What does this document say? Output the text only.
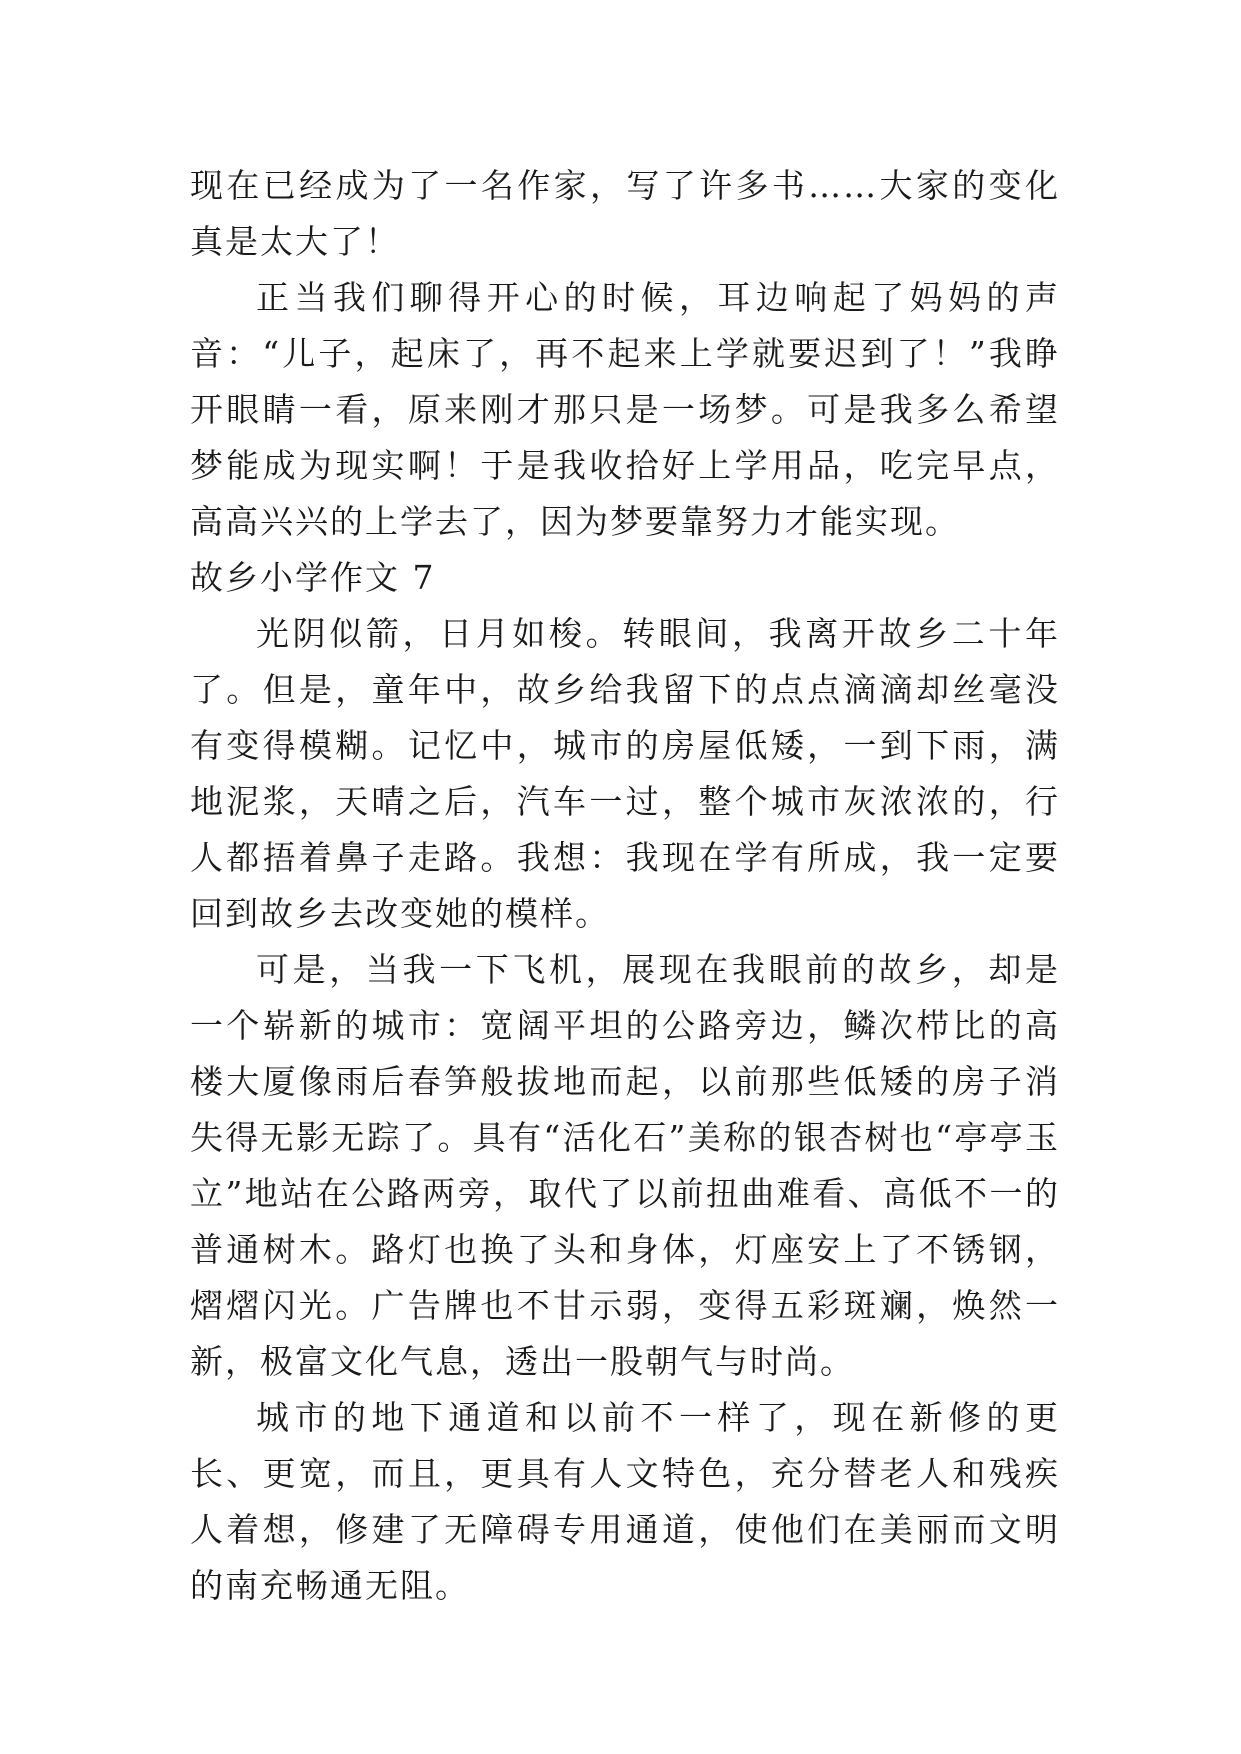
现在已经成为了一名作家，写了许多书……大家的变化真是太大了！

正当我们聊得开心的时候，耳边响起了妈妈的声音：“儿子，起床了，再不起来上学就要迟到了！”我睁开眼睛一看，原来刚才那只是一场梦。可是我多么希望梦能成为现实啊！于是我收拾好上学用品，吃完早点，高高兴兴的上学去了，因为梦要靠努力才能实现。

故乡小学作文 7

光阴似箭，日月如梭。转眼间，我离开故乡二十年了。但是，童年中，故乡给我留下的点点滴滴却丝毫没有变得模糊。记忆中，城市的房屋低矮，一到下雨，满地泥浆，天晴之后，汽车一过，整个城市灰浓浓的，行人都捂着鼻子走路。我想：我现在学有所成，我一定要回到故乡去改变她的模样。

可是，当我一下飞机，展现在我眼前的故乡，却是一个崭新的城市：宽阔平坦的公路旁边，鳞次栉比的高楼大厦像雨后春笋般拔地而起，以前那些低矮的房子消失得无影无踪了。具有“活化石”美称的银杏树也“亭亭玉立”地站在公路两旁，取代了以前扭曲难看、高低不一的普通树木。路灯也换了头和身体，灯座安上了不锈钢，熠熠闪光。广告牌也不甘示弱，变得五彩斑斓，焕然一新，极富文化气息，透出一股朝气与时尚。

城市的地下通道和以前不一样了，现在新修的更长、更宽，而且，更具有人文特色，充分替老人和残疾人着想，修建了无障碍专用通道，使他们在美丽而文明的南充畅通无阻。
